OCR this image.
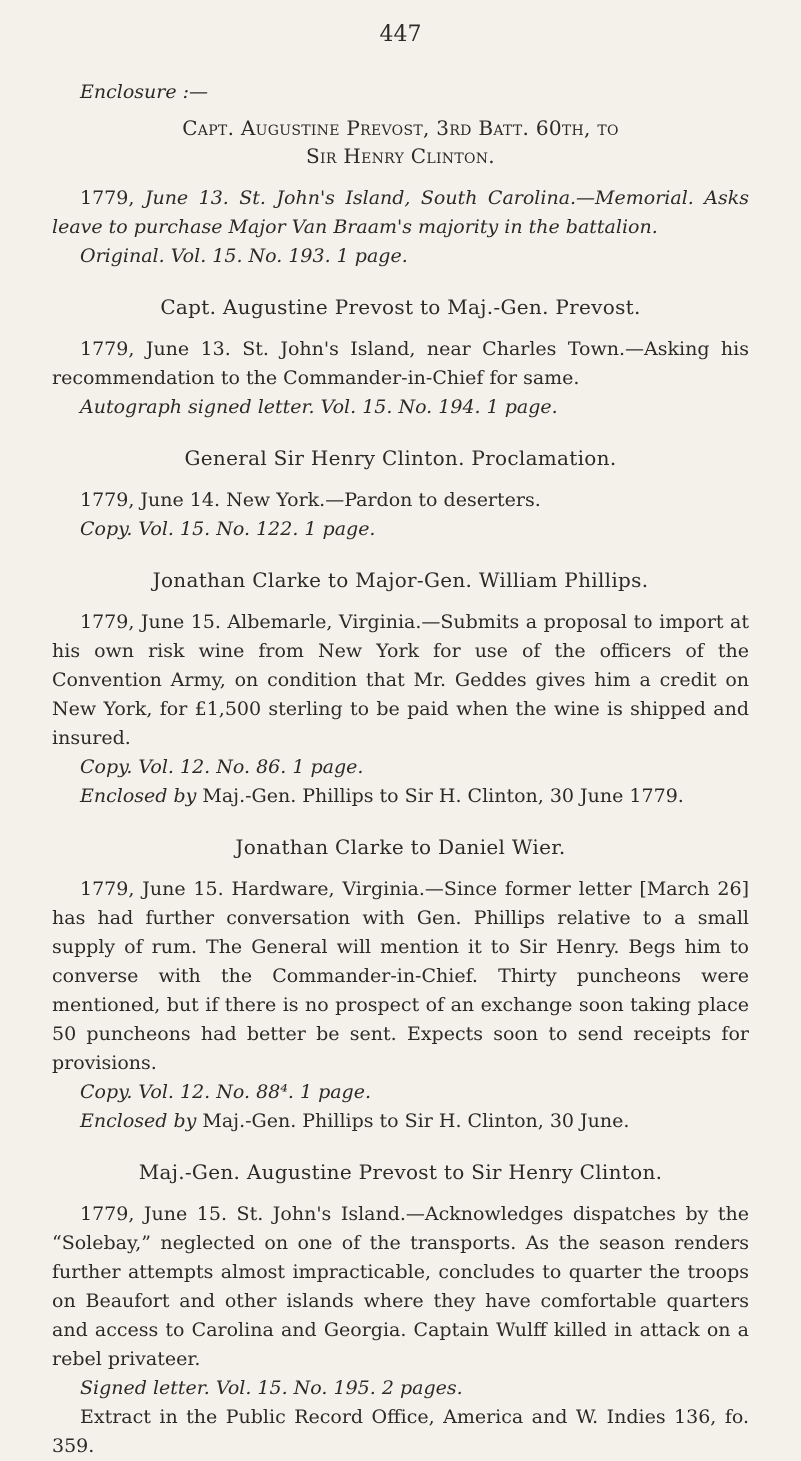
447
Enclosure :—
Capt. Augustine Prevost, 3rd Batt. 60th, to
Sir Henry Clinton.

1779, June 13. St. John's Island, South Carolina.—Memorial. Asks leave to purchase Major Van Braam's majority in the battalion.

Original. Vol. 15. No. 193. 1 page.

Capt. Augustine Prevost to Maj.-Gen. Prevost.

1779, June 13. St. John's Island, near Charles Town.—Asking his recommendation to the Commander-in-Chief for same.

Autograph signed letter. Vol. 15. No. 194. 1 page.

General Sir Henry Clinton. Proclamation.

1779, June 14. New York.—Pardon to deserters.

Copy. Vol. 15. No. 122. 1 page.

Jonathan Clarke to Major-Gen. William Phillips.

1779, June 15. Albemarle, Virginia.—Submits a proposal to import at his own risk wine from New York for use of the officers of the Convention Army, on condition that Mr. Geddes gives him a credit on New York, for £1,500 sterling to be paid when the wine is shipped and insured.

Copy. Vol. 12. No. 86. 1 page.

Enclosed by Maj.-Gen. Phillips to Sir H. Clinton, 30 June 1779.

Jonathan Clarke to Daniel Wier.

1779, June 15. Hardware, Virginia.—Since former letter [March 26] has had further conversation with Gen. Phillips relative to a small supply of rum. The General will mention it to Sir Henry. Begs him to converse with the Commander-in-Chief. Thirty puncheons were mentioned, but if there is no prospect of an exchange soon taking place 50 puncheons had better be sent. Expects soon to send receipts for provisions.

Copy. Vol. 12. No. 88⁴. 1 page.

Enclosed by Maj.-Gen. Phillips to Sir H. Clinton, 30 June.

Maj.-Gen. Augustine Prevost to Sir Henry Clinton.

1779, June 15. St. John's Island.—Acknowledges dispatches by the “Solebay,” neglected on one of the transports. As the season renders further attempts almost impracticable, concludes to quarter the troops on Beaufort and other islands where they have comfortable quarters and access to Carolina and Georgia. Captain Wulff killed in attack on a rebel privateer.

Signed letter. Vol. 15. No. 195. 2 pages.

Extract in the Public Record Office, America and W. Indies 136, fo. 359.
